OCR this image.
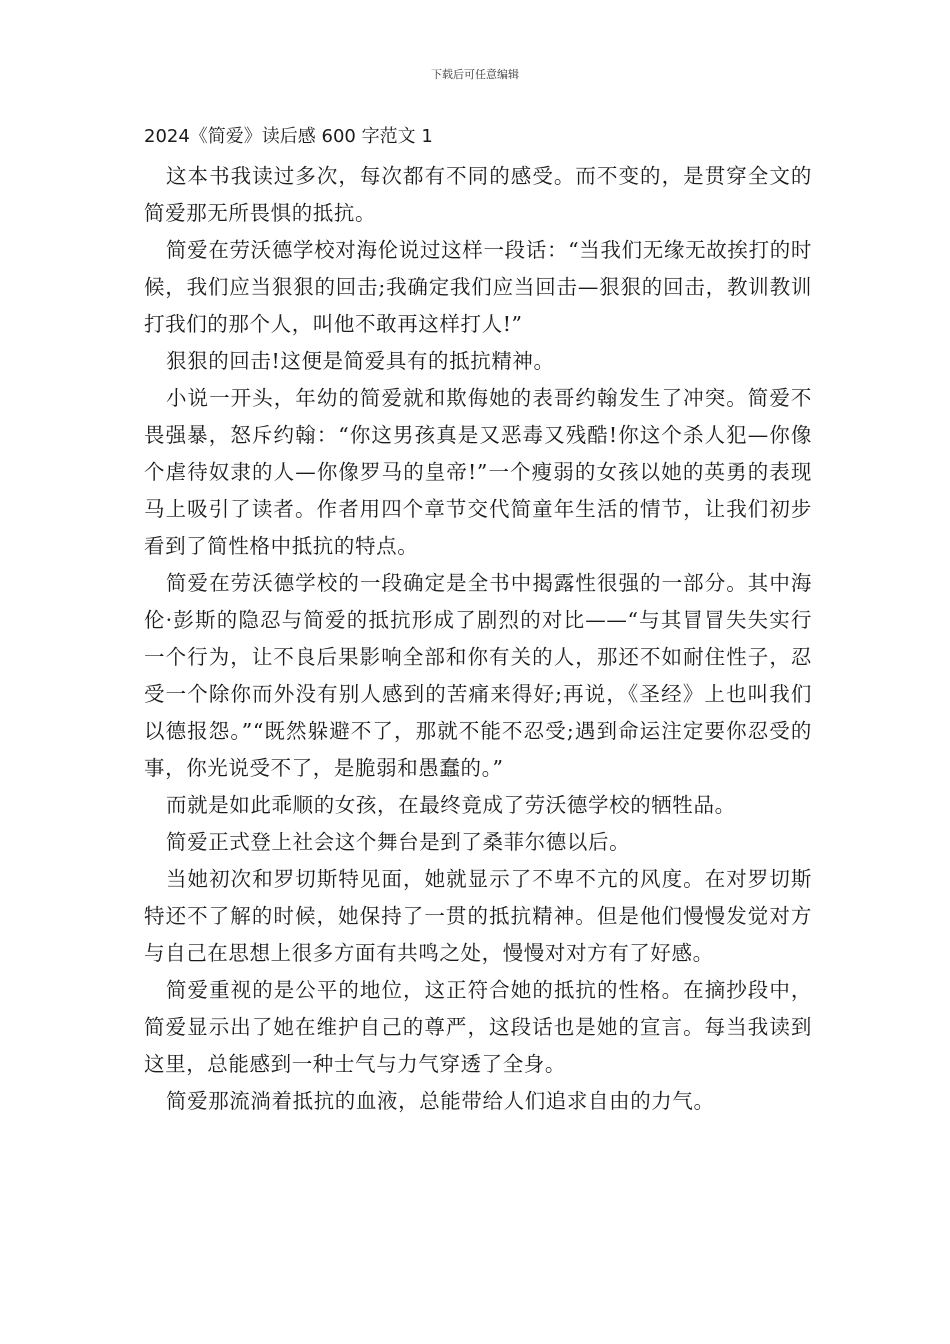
下载后可任意编辑
2024《简爱》读后感 600 字范文 1

这本书我读过多次，每次都有不同的感受。而不变的，是贯穿全文的简爱那无所畏惧的抵抗。

简爱在劳沃德学校对海伦说过这样一段话：“当我们无缘无故挨打的时候，我们应当狠狠的回击;我确定我们应当回击—狠狠的回击，教训教训打我们的那个人，叫他不敢再这样打人!”

狠狠的回击!这便是简爱具有的抵抗精神。

小说一开头，年幼的简爱就和欺侮她的表哥约翰发生了冲突。简爱不畏强暴，怒斥约翰：“你这男孩真是又恶毒又残酷!你这个杀人犯—你像个虐待奴隶的人—你像罗马的皇帝!”一个瘦弱的女孩以她的英勇的表现马上吸引了读者。作者用四个章节交代简童年生活的情节，让我们初步看到了简性格中抵抗的特点。

简爱在劳沃德学校的一段确定是全书中揭露性很强的一部分。其中海伦·彭斯的隐忍与简爱的抵抗形成了剧烈的对比——“与其冒冒失失实行一个行为，让不良后果影响全部和你有关的人，那还不如耐住性子，忍受一个除你而外没有别人感到的苦痛来得好;再说，《圣经》上也叫我们以德报怨。”“既然躲避不了，那就不能不忍受;遇到命运注定要你忍受的事，你光说受不了，是脆弱和愚蠢的。”

而就是如此乖顺的女孩，在最终竟成了劳沃德学校的牺牲品。

简爱正式登上社会这个舞台是到了桑菲尔德以后。

当她初次和罗切斯特见面，她就显示了不卑不亢的风度。在对罗切斯特还不了解的时候，她保持了一贯的抵抗精神。但是他们慢慢发觉对方与自己在思想上很多方面有共鸣之处，慢慢对对方有了好感。

简爱重视的是公平的地位，这正符合她的抵抗的性格。在摘抄段中，简爱显示出了她在维护自己的尊严，这段话也是她的宣言。每当我读到这里，总能感到一种士气与力气穿透了全身。

简爱那流淌着抵抗的血液，总能带给人们追求自由的力气。
